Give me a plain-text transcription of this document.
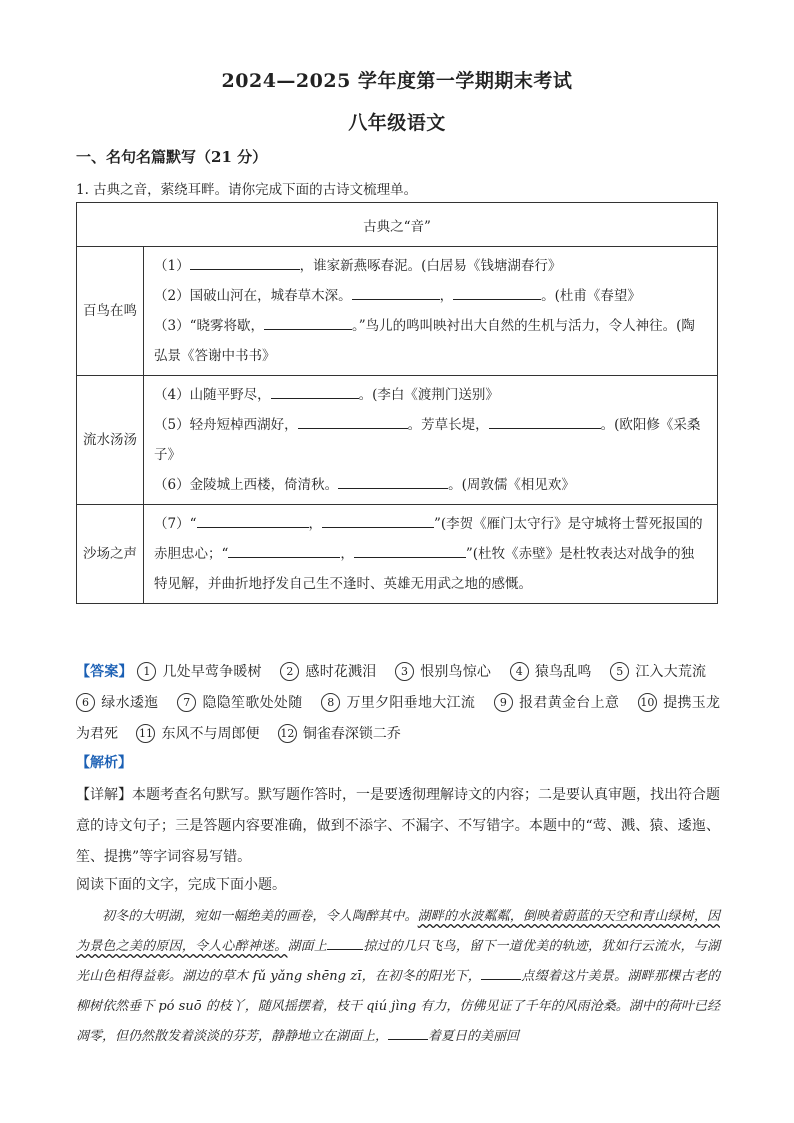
2024—2025 学年度第一学期期末考试
八年级语文
一、名句名篇默写（21 分）
1. 古典之音，萦绕耳畔。请你完成下面的古诗文梳理单。
古典之“音”	
百鸟在鸣	（1） ，谁家新燕啄春泥。(白居易《钱塘湖春行》
（2）国破山河在，城春草木深。 ， 。(杜甫《春望》
（3）“晓雾将歇， 。”鸟儿的鸣叫映衬出大自然的生机与活力，令人神往。(陶弘景《答谢中书书》

流水汤汤	（4）山随平野尽， 。(李白《渡荆门送别》
（5）轻舟短棹西湖好， 。芳草长堤， 。(欧阳修《采桑子》
（6）金陵城上西楼，倚清秋。 。(周敦儒《相见欢》

沙场之声	（7）“ ， ”(李贺《雁门太守行》是守城将士誓死报国的赤胆忠心；“ ， ”(杜牧《赤壁》是杜牧表达对战争的独特见解，并曲折地抒发自己生不逢时、英雄无用武之地的感慨。
【答案】 1 几处早莺争暖树 2 感时花溅泪 3 恨别鸟惊心 4 猿鸟乱鸣 5 江入大荒流 6 绿水逶迤 7 隐隐笙歌处处随 8 万里夕阳垂地大江流 9 报君黄金台上意 10 提携玉龙为君死 11 东风不与周郎便 12 铜雀春深锁二乔
【解析】
【详解】本题考查名句默写。默写题作答时，一是要透彻理解诗文的内容；二是要认真审题，找出符合题意的诗文句子；三是答题内容要准确，做到不添字、不漏字、不写错字。本题中的“莺、溅、猿、逶迤、笙、提携”等字词容易写错。
阅读下面的文字，完成下面小题。
初冬的大明湖，宛如一幅绝美的画卷，令人陶醉其中。湖畔的水波粼粼，倒映着蔚蓝的天空和青山绿树，因为景色之美的原因，令人心醉神迷。湖面上	掠过的几只飞鸟，留下一道优美的轨迹，犹如行云流水，与湖光山色相得益彰。湖边的草木 fǔ yǎng shēng zī，在初冬的阳光下，	点缀着这片美景。湖畔那棵古老的柳树依然垂下 pó suō 的枝丫，随风摇摆着，枝干 qiú jìng 有力，仿佛见证了千年的风雨沧桑。湖中的荷叶已经凋零，但仍然散发着淡淡的芬芳，静静地立在湖面上，	着夏日的美丽回
